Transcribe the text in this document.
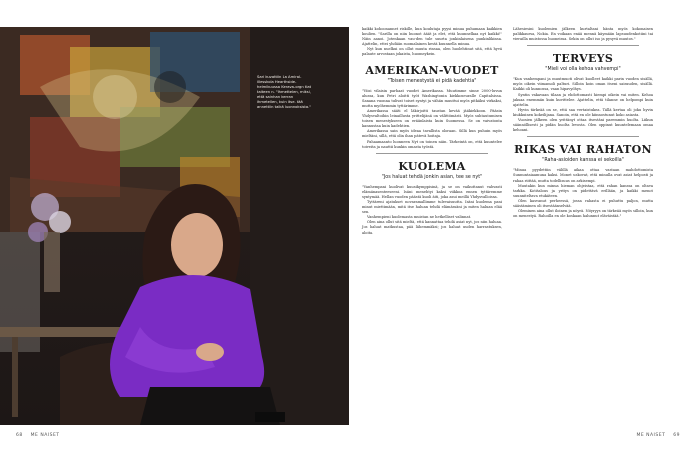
Sari kuvattiin La Amiral-illesskola Hearthside-helmikuussa Kerava-orgn tlat taiteen n. "Ihmettelen, miksi, että sainhan kerran ihmetellen, kuin itse. tää annettiin taikä luonnoksista."

kaikki kohoonannet riskille, kun koulutaja pyysi minua puhumaan kaikkien koulien. "Sarilla on niin huonot ääät ja elet, että kuunnelkaa nyt kaikki!" Näin aanoi. Jotenkaan vau-den tule suurta jonkinlaisena punkinlikinsa. Ajattelin, ettei yhdään suomalainen kestä kuunnella minua.

Nyt kun nuelkui on ollut muuta rinsaa, olen huolehtinut sitä, että hyvä palaute arvostaan jokaista, huomeykein.

AMERIKAN-VUODET
"Toisen menestystä ei pidä kadehtia"

"Viisi vilaisin parhaat vuodet Amerikassa. Muutimme sinne 2000-luvun alussa, kun Petri aloitti työt Washingtonin kiekkoseuralle Capitalsissa. Sanana vuonna tulivat toiset syntyi ja vähän muuttui myös pitkäksi virkaksi, mutta myöhemmin tyttärimme.

Amerikassa sääti el läkirjoitti taustan kevää jääkiekkoon. Pääsin Yhdysvaltoihin leinaillusta yrittelijänä on välittömästi. Myös suhtautumisen toisen menestykseen on eräänlaista kuin Suomessa. Se on vaivatonta kannustaa kuin kadehtien.

Amerikassa sain myös ideaa tavallista oloraan. Sillä kun puhuin myös mieltäni, sillä, että olin ihan pätevä hoitaja.

Pahaamaanto luonneen Nyt on toinen näin. Tärkeintä on, että kuuntelee toiveita ja nauttii kunkin omasta työstä.

KUOLEMA
"Jos haluat tehdä jonkin asian, tee se nyt"

"Vanhempani kuolivat kuusikymppisinä, ja se on vaikuttanut vahvasti elämänasenteeseeni. Isäni menehtyi kaksi viikkoa ennen tyttäremme syntymää. Hellan vuoden päästä kuoli äiti, joka asui meillä Yhdysvalloissa.

Tyttäreni ajatukset novaramallimme tulevaisuutta. Isäni kuolema pani minut miettimään, mitä itse haluan tehdä elämässäni ja miten haluan elää sen.

Vanhempieni kuolemasta muistan ne hetkelliset valinnat.

Olen aina ollut sitä mieltä, että kannattaa tehdä asiat nyt, jos niin haluaa. Jos haluat matkustaa, pää lähemmäksi; jos haluat uuden harrastuksen, aloita.

Lähesiesini kuolemien jälkeen kurtaltani hänta myös kokonaisen palikkaursa, Nokia. En voikaan enää mennä käymään lapsuudenkotiini tai vierailla muistossa huoneissa. Sekin on ollut iso ja pysyvä muutos."

TERVEYS
"Mieli voi olla kehoa vahvempi"

"Kun vanhempani ja muutmuoti olivat kuolleet kaikki parin vuoden sisällä, myös oikein viimamoli palturi. Silloin koin oman itseni sairauden, sisällä. Kaikki oli kunnossa, vaan hipavyöhys.

Syntin vakavaan tilaan ja ehdottomasti hiempi oikein vai miten. Kehoa jaksaa enemmän kuin kuvittelee. Ajattelin, että tilanne on helpompi kuin ajattelin.

Hyvin tärkeää on se, että saa vertaistukea. Tällä kertaa oli joku hyvin kiukkuinen kokeilijana. Sanoin, että en ole kiinnostunut koko asiasta.

Vuosien jälkeen olen yrittänyt ottaa itsestäni paremmin huolta. Liikun säännöllisesti ja pidän huolta levosta. Olen oppinut kuuntelemaan omaa kehoani.

RIKAS VAI RAHATON
"Raha-asioiden kanssa ei sekoilla"

"Minua pyydettiin välillä aikaa ottaa vastaan mahdottomista Sunnuntaiaamuna kaksi. Monet uskovat, että minulla ovat asiat helposti ja rahaa riittää, mutta todellisuus on arkisempi.

Muutakin kun minua hieman ohjeistaa, että rahan kanssa on oltava tarkka. Kotitalous ja yritys on pidettävä erillään, ja kaikki menot suunniteltava etukäteen.

Olen kasvanut perheessä, jossa rahasta ei puhuttu paljon, mutta säästäminen oli itsestäänselvää.

Oleminen aina ollut iloinen ja nöyrä. Nöyryys on tärkeää myös silloin, kun on menestyä. Rahoilla en ole koskaan halunnut eläväistää."

68 ME NAISET	ME NAISET 69
